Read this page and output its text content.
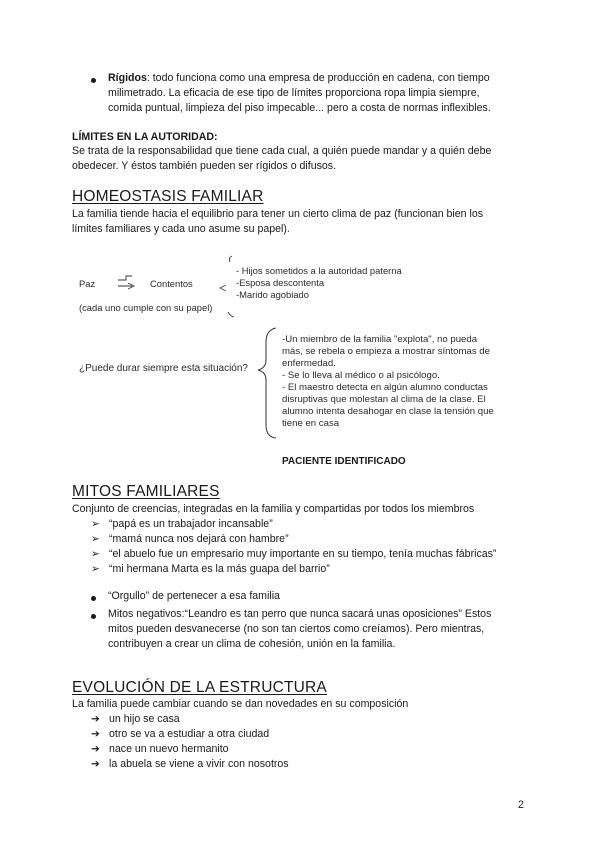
Rígidos: todo funciona como una empresa de producción en cadena, con tiempo
milimetrado. La eficacia de ese tipo de límites proporciona ropa limpia siempre,
comida puntual, limpieza del piso impecable... pero a costa de normas inflexibles.
LÍMITES EN LA AUTORIDAD:
Se trata de la responsabilidad que tiene cada cual, a quién puede mandar y a quién debe
obedecer. Y éstos también pueden ser rígidos o difusos.
HOMEOSTASIS FAMILIAR
La familia tiende hacia el equilibrio para tener un cierto clima de paz (funcionan bien los
límites familiares y cada uno asume su papel).
Paz	Contentos
(cada uno cumple con su papel)
- Hijos sometidos a la autoridad paterna
-Esposa descontenta
-Marido agobiado
¿Puede durar siempre esta situación?
-Un miembro de la familia "explota", no pueda
más, se rebela o empieza a mostrar síntomas de
enfermedad.
- Se lo lleva al médico o al psicólogo.
- El maestro detecta en algún alumno conductas
disruptivas que molestan al clima de la clase. El
alumno intenta desahogar en clase la tensión que
tiene en casa
PACIENTE IDENTIFICADO
MITOS FAMILIARES
Conjunto de creencias, integradas en la familia y compartidas por todos los miembros
➢ “papá es un trabajador incansable”
➢ “mamá nunca nos dejará con hambre”
➢ “el abuelo fue un empresario muy importante en su tiempo, tenía muchas fábricas”
➢ “mi hermana Marta es la más guapa del barrio”
“Orgullo” de pertenecer a esa familia
Mitos negativos:“Leandro es tan perro que nunca sacará unas oposiciones” Estos
mitos pueden desvanecerse (no son tan ciertos como creíamos). Pero mientras,
contribuyen a crear un clima de cohesión, unión en la familia.
EVOLUCIÓN DE LA ESTRUCTURA
La familia puede cambiar cuando se dan novedades en su composición
➔ un hijo se casa
➔ otro se va a estudiar a otra ciudad
➔ nace un nuevo hermanito
➔ la abuela se viene a vivir con nosotros
2
